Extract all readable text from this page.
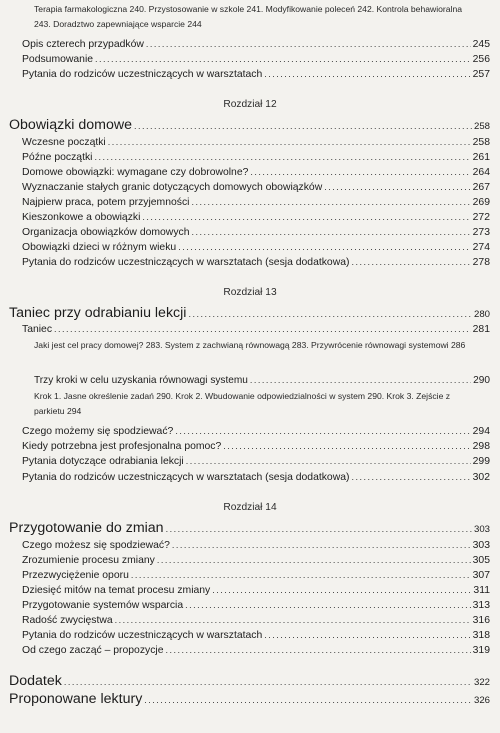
Terapia farmakologiczna 240. Przystosowanie w szkole 241. Modyfikowanie poleceń 242. Kontrola behawioralna 243. Doradztwo zapewniające wsparcie 244
Opis czterech przypadków .....	245
Podsumowanie .....	256
Pytania do rodziców uczestniczących w warsztatach .....	257
Rozdział 12
Obowiązki domowe .....	258
Wczesne początki .....	258
Późne początki .....	261
Domowe obowiązki: wymagane czy dobrowolne? .....	264
Wyznaczanie stałych granic dotyczących domowych obowiązków .....	267
Najpierw praca, potem przyjemności .....	269
Kieszonkowe a obowiązki .....	272
Organizacja obowiązków domowych .....	273
Obowiązki dzieci w różnym wieku .....	274
Pytania do rodziców uczestniczących w warsztatach (sesja dodatkowa) .....	278
Rozdział 13
Taniec przy odrabianiu lekcji .....	280
Taniec .....	281
Jaki jest cel pracy domowej? 283. System z zachwianą równowagą 283. Przywrócenie równowagi systemowi 286
Trzy kroki w celu uzyskania równowagi systemu .....	290
Krok 1. Jasne określenie zadań 290. Krok 2. Wbudowanie odpowiedzialności w system 290. Krok 3. Zejście z parkietu 294
Czego możemy się spodziewać? .....	294
Kiedy potrzebna jest profesjonalna pomoc? .....	298
Pytania dotyczące odrabiania lekcji .....	299
Pytania do rodziców uczestniczących w warsztatach (sesja dodatkowa) .....	302
Rozdział 14
Przygotowanie do zmian .....	303
Czego możesz się spodziewać? .....	303
Zrozumienie procesu zmiany .....	305
Przezwyciężenie oporu .....	307
Dziesięć mitów na temat procesu zmiany .....	311
Przygotowanie systemów wsparcia .....	313
Radość zwycięstwa .....	316
Pytania do rodziców uczestniczących w warsztatach .....	318
Od czego zacząć – propozycje .....	319
Dodatek .....	322
Proponowane lektury .....	326
